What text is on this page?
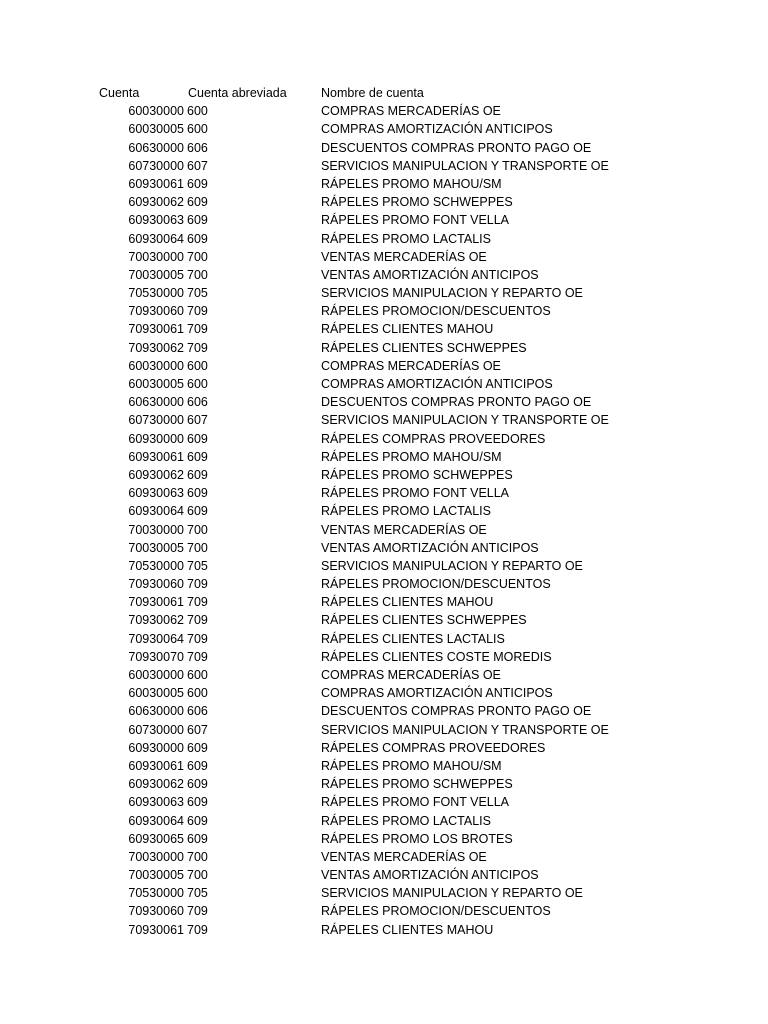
Cuenta	Cuenta abreviada	Nombre de cuenta
60030000 600	COMPRAS MERCADERÍAS OE
60030005 600	COMPRAS AMORTIZACIÓN ANTICIPOS
60630000 606	DESCUENTOS COMPRAS PRONTO PAGO OE
60730000 607	SERVICIOS MANIPULACION Y TRANSPORTE OE
60930061 609	RÁPELES PROMO MAHOU/SM
60930062 609	RÁPELES PROMO SCHWEPPES
60930063 609	RÁPELES PROMO FONT VELLA
60930064 609	RÁPELES PROMO LACTALIS
70030000 700	VENTAS MERCADERÍAS OE
70030005 700	VENTAS AMORTIZACIÓN ANTICIPOS
70530000 705	SERVICIOS MANIPULACION Y REPARTO OE
70930060 709	RÁPELES PROMOCION/DESCUENTOS
70930061 709	RÁPELES CLIENTES MAHOU
70930062 709	RÁPELES CLIENTES SCHWEPPES
60030000 600	COMPRAS MERCADERÍAS OE
60030005 600	COMPRAS AMORTIZACIÓN ANTICIPOS
60630000 606	DESCUENTOS COMPRAS PRONTO PAGO OE
60730000 607	SERVICIOS MANIPULACION Y TRANSPORTE OE
60930000 609	RÁPELES COMPRAS PROVEEDORES
60930061 609	RÁPELES PROMO MAHOU/SM
60930062 609	RÁPELES PROMO SCHWEPPES
60930063 609	RÁPELES PROMO FONT VELLA
60930064 609	RÁPELES PROMO LACTALIS
70030000 700	VENTAS MERCADERÍAS OE
70030005 700	VENTAS AMORTIZACIÓN ANTICIPOS
70530000 705	SERVICIOS MANIPULACION Y REPARTO OE
70930060 709	RÁPELES PROMOCION/DESCUENTOS
70930061 709	RÁPELES CLIENTES MAHOU
70930062 709	RÁPELES CLIENTES SCHWEPPES
70930064 709	RÁPELES CLIENTES LACTALIS
70930070 709	RÁPELES CLIENTES COSTE MOREDIS
60030000 600	COMPRAS MERCADERÍAS OE
60030005 600	COMPRAS AMORTIZACIÓN ANTICIPOS
60630000 606	DESCUENTOS COMPRAS PRONTO PAGO OE
60730000 607	SERVICIOS MANIPULACION Y TRANSPORTE OE
60930000 609	RÁPELES COMPRAS PROVEEDORES
60930061 609	RÁPELES PROMO MAHOU/SM
60930062 609	RÁPELES PROMO SCHWEPPES
60930063 609	RÁPELES PROMO FONT VELLA
60930064 609	RÁPELES PROMO LACTALIS
60930065 609	RÁPELES PROMO LOS BROTES
70030000 700	VENTAS MERCADERÍAS OE
70030005 700	VENTAS AMORTIZACIÓN ANTICIPOS
70530000 705	SERVICIOS MANIPULACION Y REPARTO OE
70930060 709	RÁPELES PROMOCION/DESCUENTOS
70930061 709	RÁPELES CLIENTES MAHOU
